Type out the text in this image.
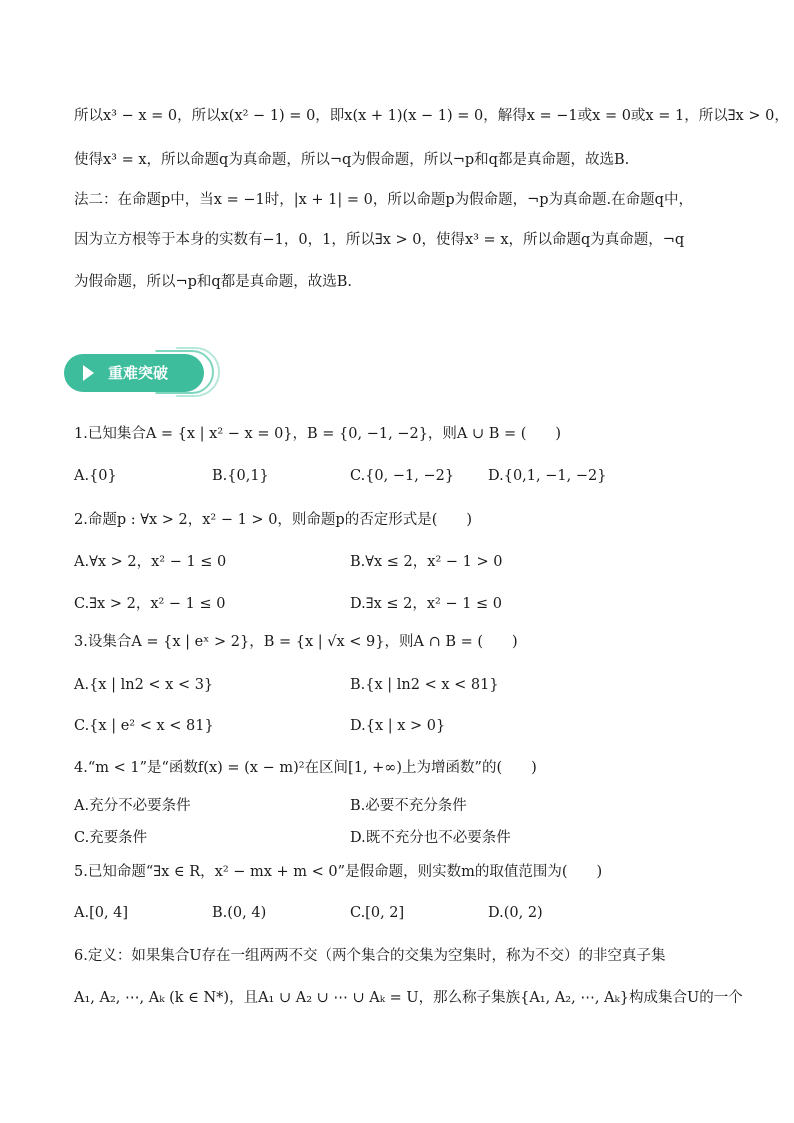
所以x³ − x = 0，所以x(x² − 1) = 0，即x(x + 1)(x − 1) = 0，解得x = −1或x = 0或x = 1，所以∃x > 0，
使得x³ = x，所以命题q为真命题，所以¬q为假命题，所以¬p和q都是真命题，故选B.
法二：在命题p中，当x = −1时，|x + 1| = 0，所以命题p为假命题，¬p为真命题.在命题q中，
因为立方根等于本身的实数有−1，0，1，所以∃x > 0，使得x³ = x，所以命题q为真命题，¬q
为假命题，所以¬p和q都是真命题，故选B.
重难突破
1.已知集合A = {x | x² − x = 0}，B = {0, −1, −2}，则A ∪ B = (　　)
A.{0}	B.{0,1}	C.{0, −1, −2} D.{0,1, −1, −2}
2.命题p : ∀x > 2，x² − 1 > 0，则命题p的否定形式是(　　)
A.∀x > 2，x² − 1 ≤ 0	B.∀x ≤ 2，x² − 1 > 0
C.∃x > 2，x² − 1 ≤ 0	D.∃x ≤ 2，x² − 1 ≤ 0
3.设集合A = {x | eˣ > 2}，B = {x | √x < 9}，则A ∩ B = (　　)
A.{x | ln2 < x < 3}	B.{x | ln2 < x < 81}
C.{x | e² < x < 81}	D.{x | x > 0}
4.“m < 1”是“函数f(x) = (x − m)²在区间[1, +∞)上为增函数”的(　　)
A.充分不必要条件	B.必要不充分条件
C.充要条件	D.既不充分也不必要条件
5.已知命题“∃x ∈ R，x² − mx + m < 0”是假命题，则实数m的取值范围为(　　)
A.[0, 4]	B.(0, 4)	C.[0, 2]	D.(0, 2)
6.定义：如果集合U存在一组两两不交（两个集合的交集为空集时，称为不交）的非空真子集
A₁, A₂, ⋯, Aₖ (k ∈ N*)，且A₁ ∪ A₂ ∪ ⋯ ∪ Aₖ = U，那么称子集族{A₁, A₂, ⋯, Aₖ}构成集合U的一个
